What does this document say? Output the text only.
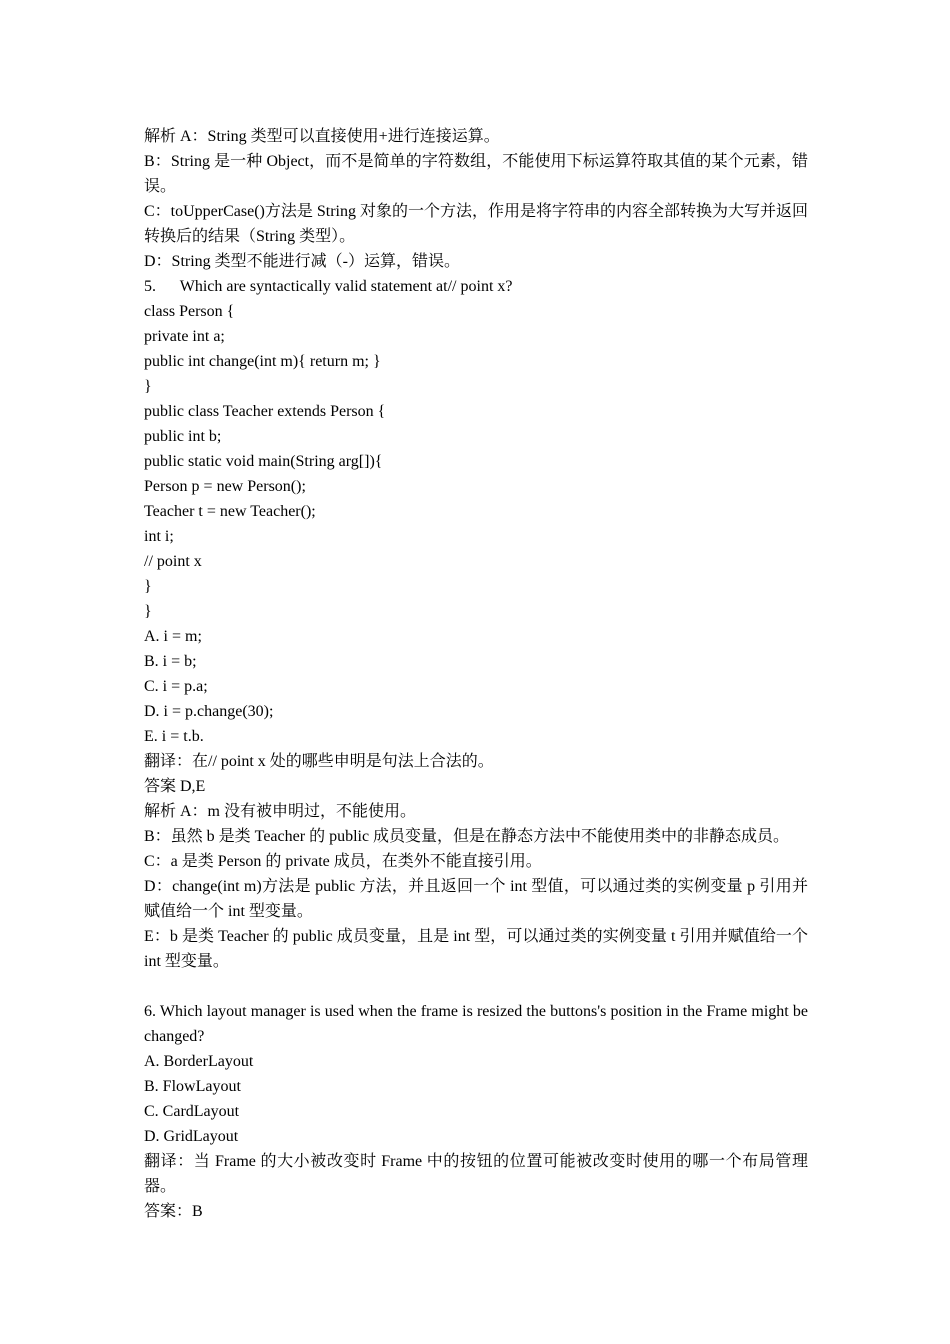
解析 A：String 类型可以直接使用+进行连接运算。

B：String 是一种 Object，而不是简单的字符数组，不能使用下标运算符取其值的某个元素，错误。

C：toUpperCase()方法是 String 对象的一个方法，作用是将字符串的内容全部转换为大写并返回转换后的结果（String 类型）。

D：String 类型不能进行减（-）运算，错误。

5.      Which are syntactically valid statement at// point x?

class Person {

private int a;

public int change(int m){ return m; }

}

public class Teacher extends Person {

public int b;

public static void main(String arg[]){

Person p = new Person();

Teacher t = new Teacher();

int i;

// point x

}

}

A. i = m;

B. i = b;

C. i = p.a;

D. i = p.change(30);

E. i = t.b.

翻译：在// point x 处的哪些申明是句法上合法的。

答案 D,E

解析 A：m 没有被申明过，不能使用。

B：虽然 b 是类 Teacher 的 public 成员变量，但是在静态方法中不能使用类中的非静态成员。

C：a 是类 Person 的 private 成员，在类外不能直接引用。

D：change(int m)方法是 public 方法，并且返回一个 int 型值，可以通过类的实例变量 p 引用并赋值给一个 int 型变量。

E：b 是类 Teacher 的 public 成员变量，且是 int 型，可以通过类的实例变量 t 引用并赋值给一个 int 型变量。

6. Which layout manager is used when the frame is resized the buttons's position in the Frame might be changed?

A. BorderLayout

B. FlowLayout

C. CardLayout

D. GridLayout

翻译：当 Frame 的大小被改变时 Frame 中的按钮的位置可能被改变时使用的哪一个布局管理器。

答案：B
